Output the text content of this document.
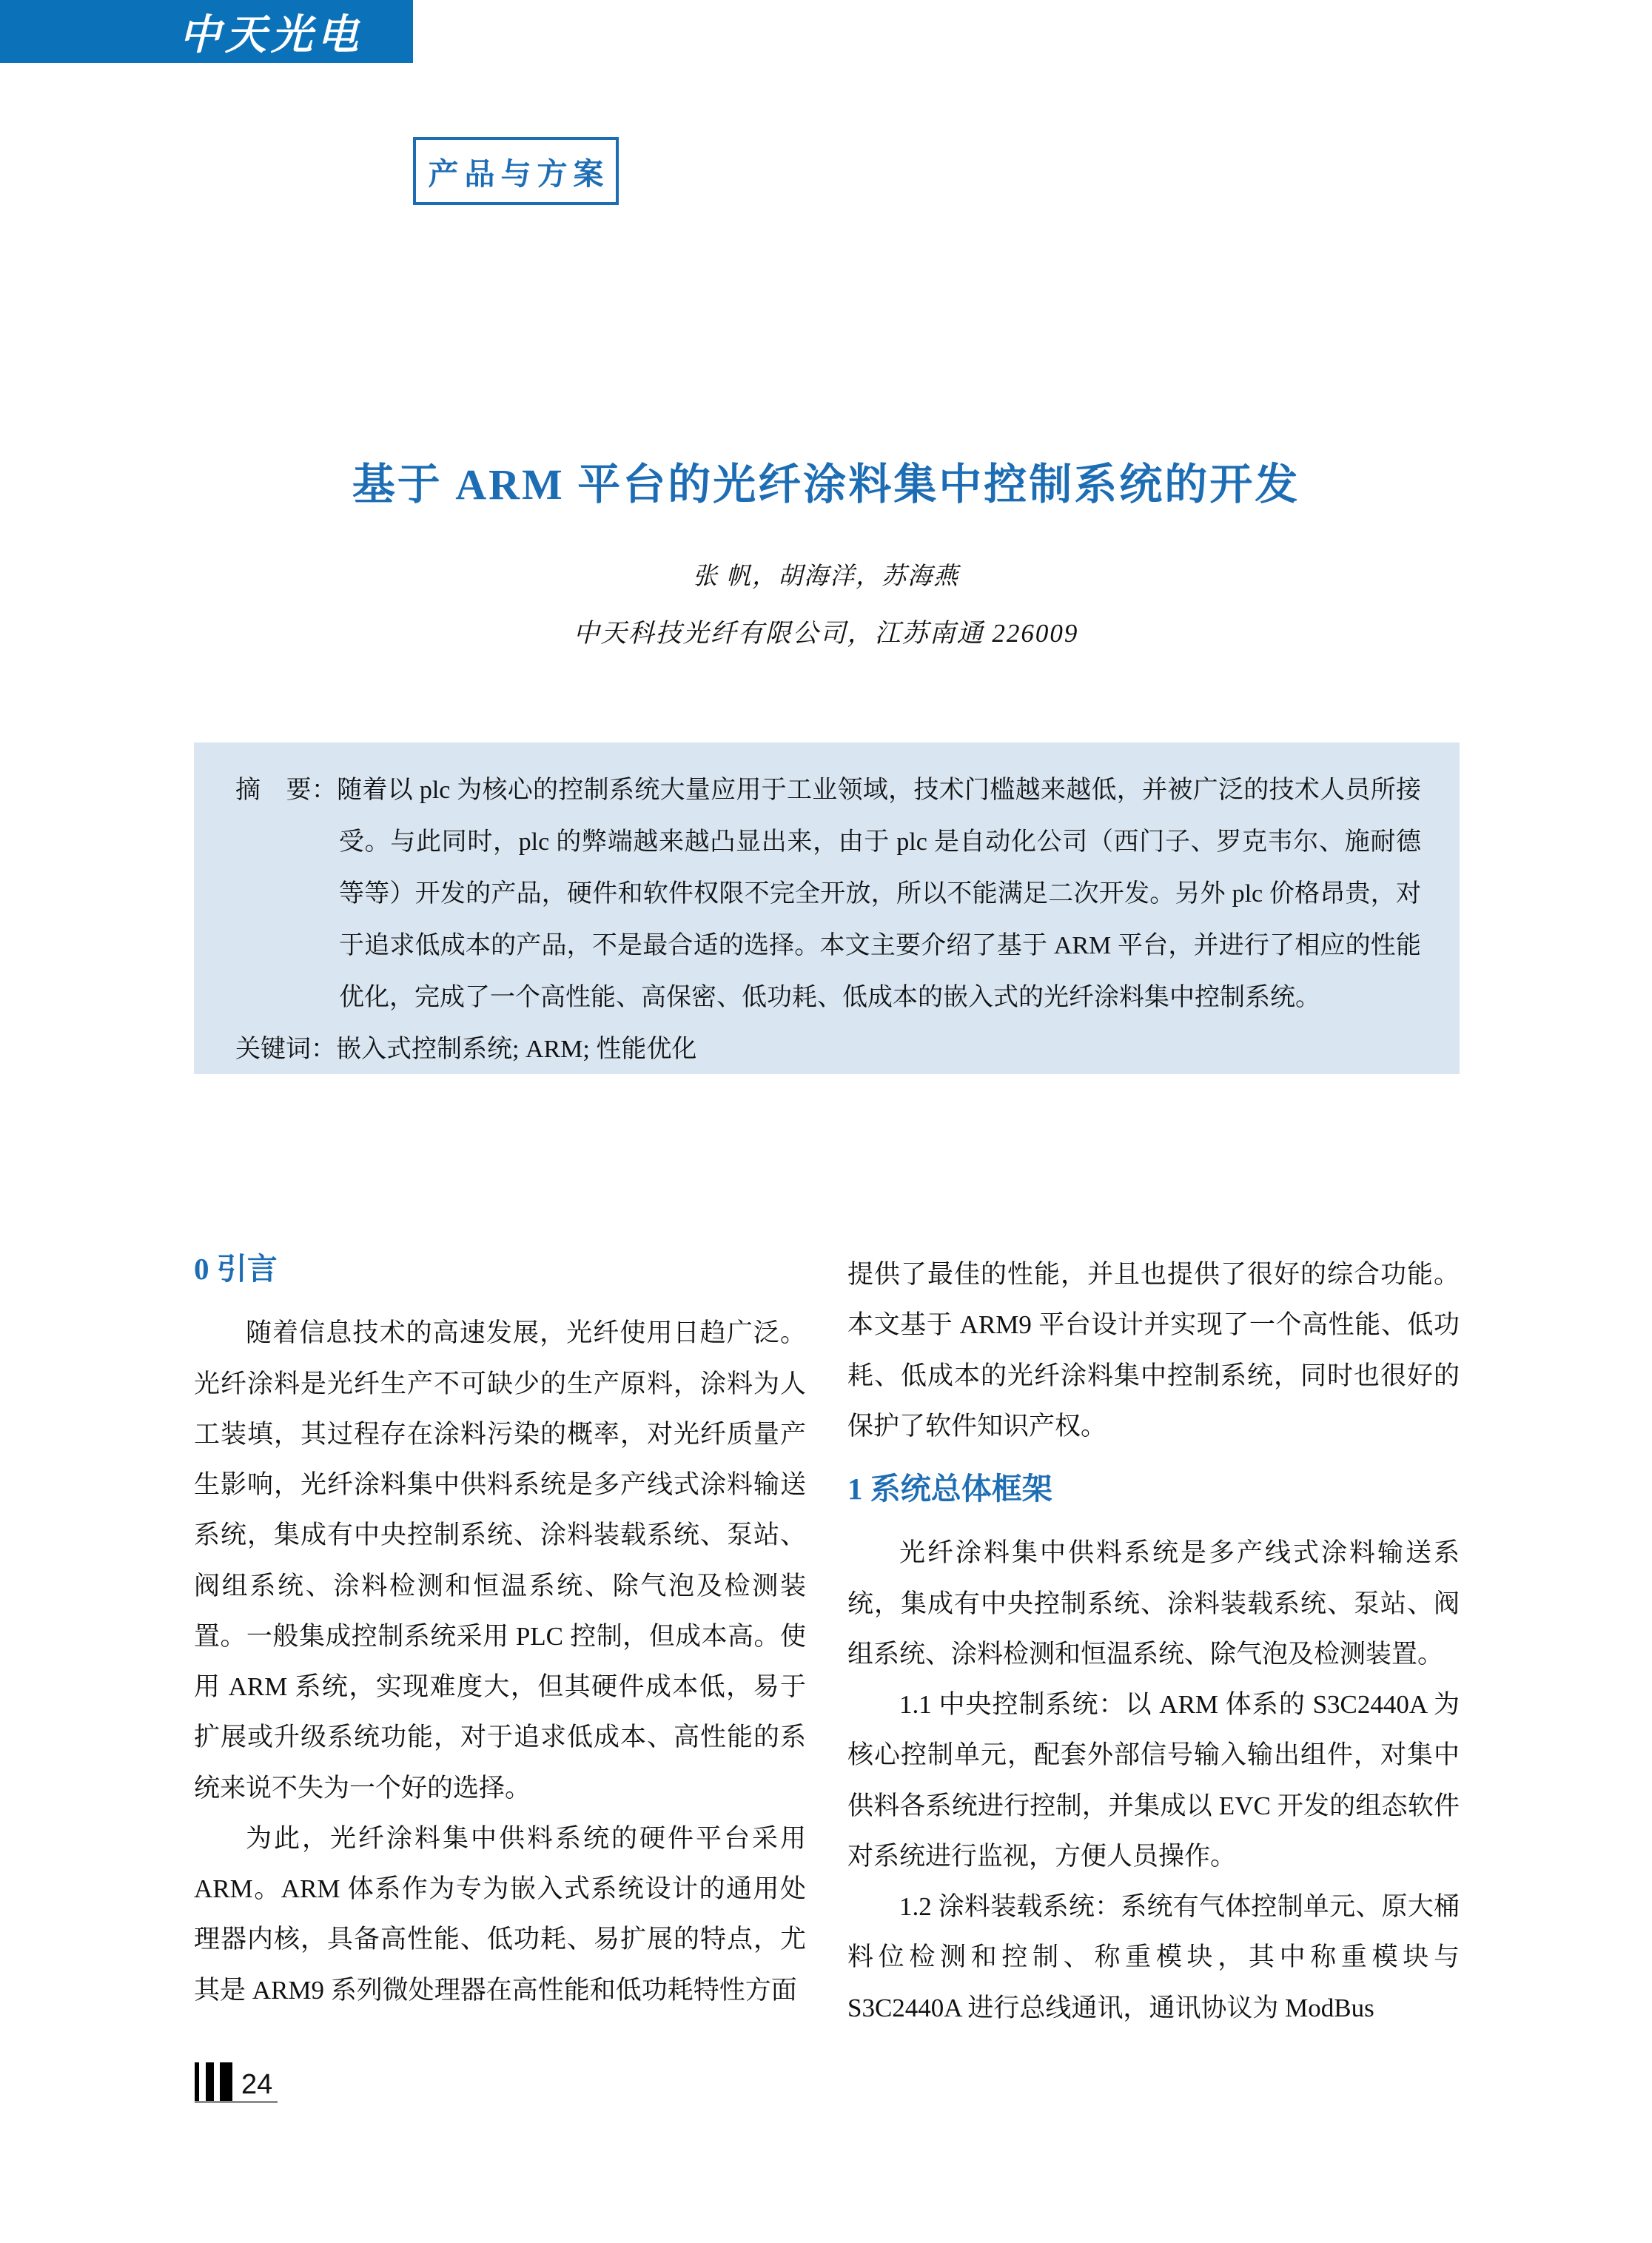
中天光电
产品与方案
基于 ARM 平台的光纤涂料集中控制系统的开发
张 帆，胡海洋，苏海燕
中天科技光纤有限公司，江苏南通 226009

摘　要：随着以 plc 为核心的控制系统大量应用于工业领域，技术门槛越来越低，并被广泛的技术人员所接受。与此同时，plc 的弊端越来越凸显出来，由于 plc 是自动化公司（西门子、罗克韦尔、施耐德等等）开发的产品，硬件和软件权限不完全开放，所以不能满足二次开发。另外 plc 价格昂贵，对于追求低成本的产品，不是最合适的选择。本文主要介绍了基于 ARM 平台，并进行了相应的性能优化，完成了一个高性能、高保密、低功耗、低成本的嵌入式的光纤涂料集中控制系统。

关键词：嵌入式控制系统; ARM; 性能优化

0 引言

随着信息技术的高速发展，光纤使用日趋广泛。光纤涂料是光纤生产不可缺少的生产原料，涂料为人工装填，其过程存在涂料污染的概率，对光纤质量产生影响，光纤涂料集中供料系统是多产线式涂料输送系统，集成有中央控制系统、涂料装载系统、泵站、阀组系统、涂料检测和恒温系统、除气泡及检测装置。一般集成控制系统采用 PLC 控制，但成本高。使用 ARM 系统，实现难度大，但其硬件成本低，易于扩展或升级系统功能，对于追求低成本、高性能的系统来说不失为一个好的选择。

为此，光纤涂料集中供料系统的硬件平台采用 ARM。ARM 体系作为专为嵌入式系统设计的通用处理器内核，具备高性能、低功耗、易扩展的特点，尤其是 ARM9 系列微处理器在高性能和低功耗特性方面

提供了最佳的性能，并且也提供了很好的综合功能。本文基于 ARM9 平台设计并实现了一个高性能、低功耗、低成本的光纤涂料集中控制系统，同时也很好的保护了软件知识产权。

1 系统总体框架

光纤涂料集中供料系统是多产线式涂料输送系统，集成有中央控制系统、涂料装载系统、泵站、阀组系统、涂料检测和恒温系统、除气泡及检测装置。

1.1 中央控制系统：以 ARM 体系的 S3C2440A 为核心控制单元，配套外部信号输入输出组件，对集中供料各系统进行控制，并集成以 EVC 开发的组态软件对系统进行监视，方便人员操作。

1.2 涂料装载系统：系统有气体控制单元、原大桶料位检测和控制、称重模块，其中称重模块与 S3C2440A 进行总线通讯，通讯协议为 ModBus

24
